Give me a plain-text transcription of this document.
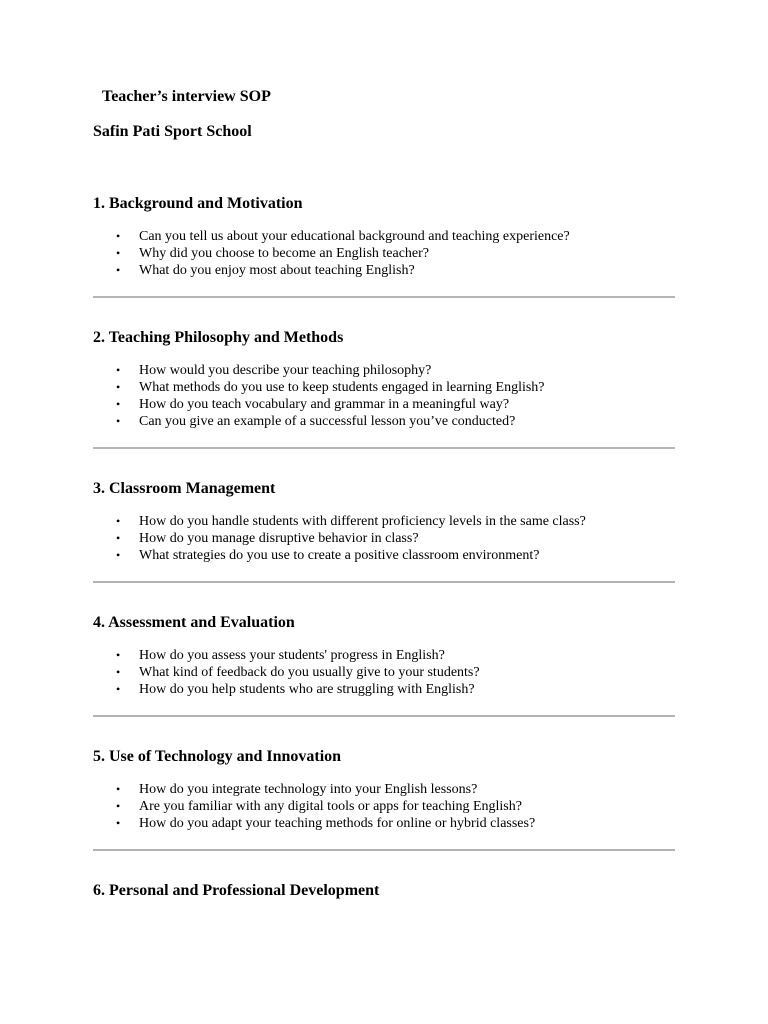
Teacher’s interview SOP
Safin Pati Sport School
1. Background and Motivation
• Can you tell us about your educational background and teaching experience?
• Why did you choose to become an English teacher?
• What do you enjoy most about teaching English?
2. Teaching Philosophy and Methods
• How would you describe your teaching philosophy?
• What methods do you use to keep students engaged in learning English?
• How do you teach vocabulary and grammar in a meaningful way?
• Can you give an example of a successful lesson you’ve conducted?
3. Classroom Management
• How do you handle students with different proficiency levels in the same class?
• How do you manage disruptive behavior in class?
• What strategies do you use to create a positive classroom environment?
4. Assessment and Evaluation
• How do you assess your students' progress in English?
• What kind of feedback do you usually give to your students?
• How do you help students who are struggling with English?
5. Use of Technology and Innovation
• How do you integrate technology into your English lessons?
• Are you familiar with any digital tools or apps for teaching English?
• How do you adapt your teaching methods for online or hybrid classes?
6. Personal and Professional Development
